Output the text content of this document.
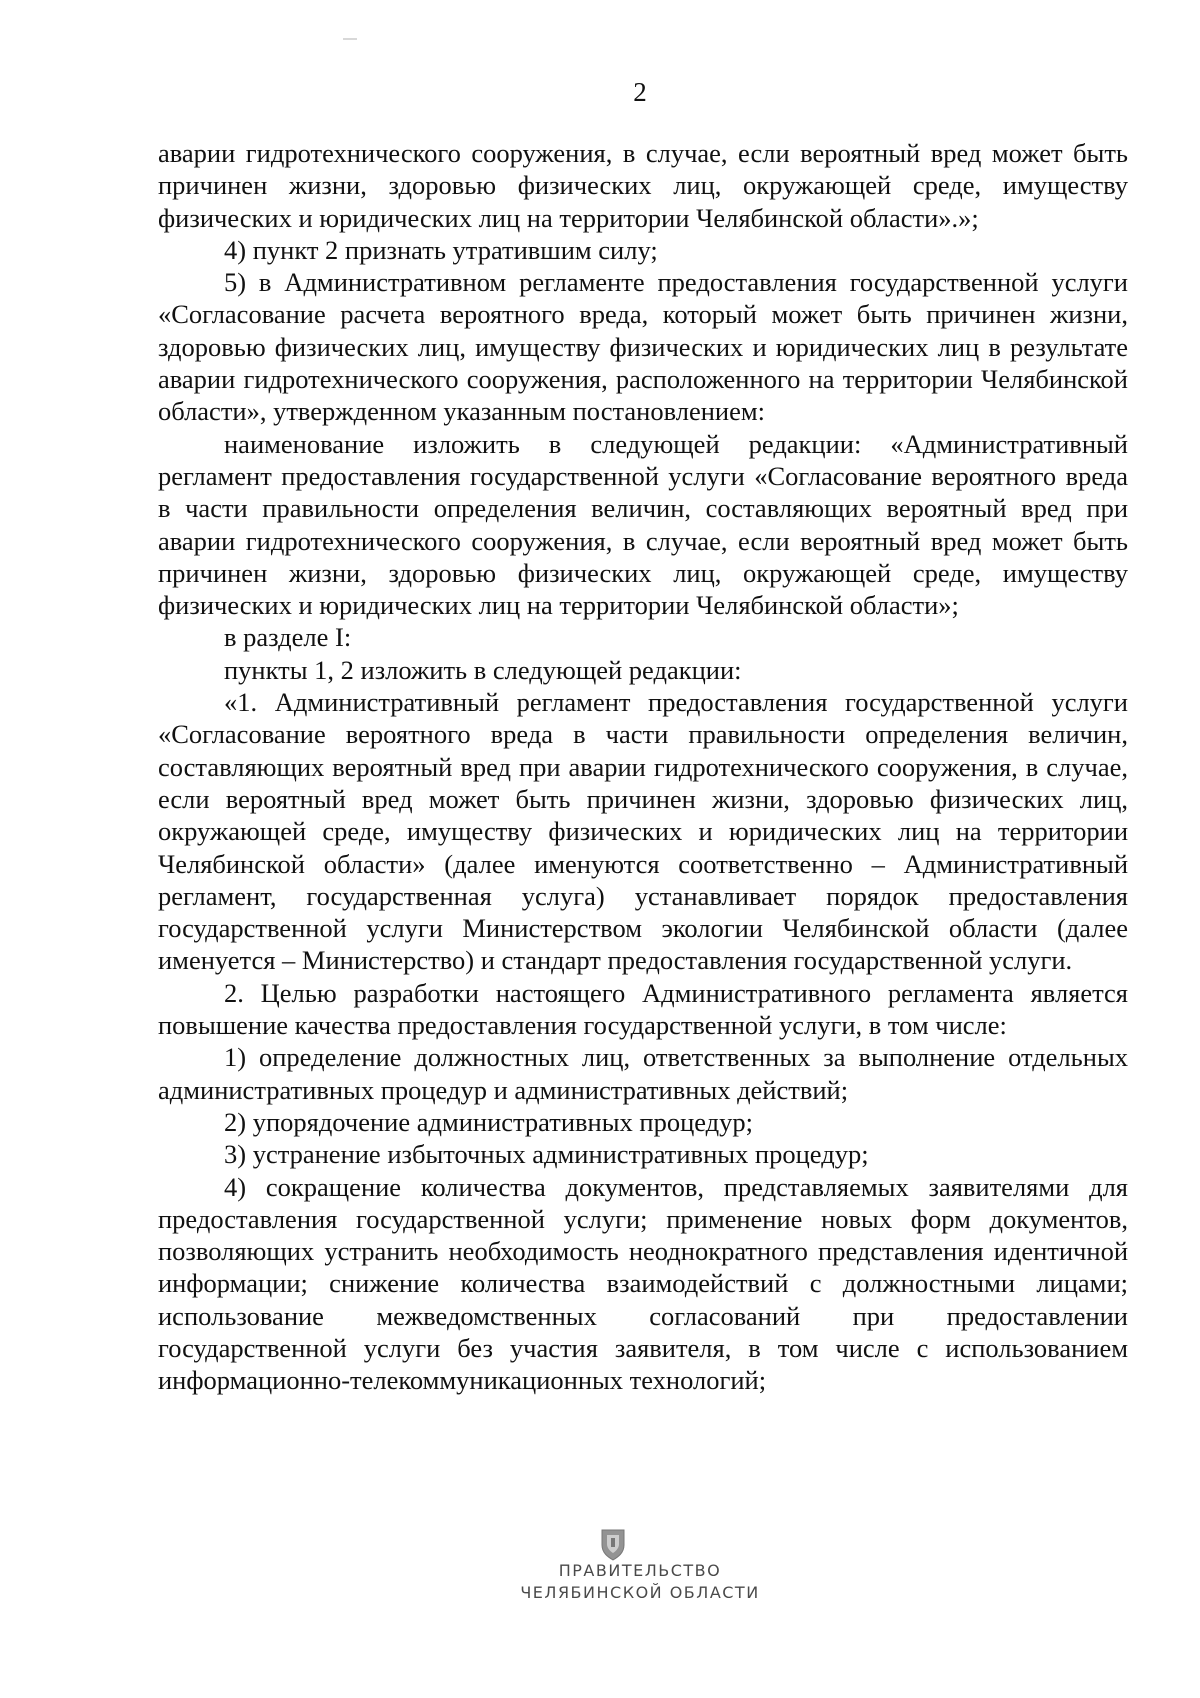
2

аварии гидротехнического сооружения, в случае, если вероятный вред может быть причинен жизни, здоровью физических лиц, окружающей среде, имуществу физических и юридических лиц на территории Челябинской области».»;

4) пункт 2 признать утратившим силу;

5) в Административном регламенте предоставления государственной услуги «Согласование расчета вероятного вреда, который может быть причинен жизни, здоровью физических лиц, имуществу физических и юридических лиц в результате аварии гидротехнического сооружения, расположенного на территории Челябинской области», утвержденном указанным постановлением:

наименование изложить в следующей редакции: «Административный регламент предоставления государственной услуги «Согласование вероятного вреда в части правильности определения величин, составляющих вероятный вред при аварии гидротехнического сооружения, в случае, если вероятный вред может быть причинен жизни, здоровью физических лиц, окружающей среде, имуществу физических и юридических лиц на территории Челябинской области»;

в разделе I:

пункты 1, 2 изложить в следующей редакции:

«1. Административный регламент предоставления государственной услуги «Согласование вероятного вреда в части правильности определения величин, составляющих вероятный вред при аварии гидротехнического сооружения, в случае, если вероятный вред может быть причинен жизни, здоровью физических лиц, окружающей среде, имуществу физических и юридических лиц на территории Челябинской области» (далее именуются соответственно – Административный регламент, государственная услуга) устанавливает порядок предоставления государственной услуги Министерством экологии Челябинской области (далее именуется – Министерство) и стандарт предоставления государственной услуги.

2. Целью разработки настоящего Административного регламента является повышение качества предоставления государственной услуги, в том числе:

1) определение должностных лиц, ответственных за выполнение отдельных административных процедур и административных действий;

2) упорядочение административных процедур;

3) устранение избыточных административных процедур;

4) сокращение количества документов, представляемых заявителями для предоставления государственной услуги; применение новых форм документов, позволяющих устранить необходимость неоднократного представления идентичной информации; снижение количества взаимодействий с должностными лицами; использование межведомственных согласований при предоставлении государственной услуги без участия заявителя, в том числе с использованием информационно-телекоммуникационных технологий;

ПРАВИТЕЛЬСТВО
ЧЕЛЯБИНСКОЙ ОБЛАСТИ
